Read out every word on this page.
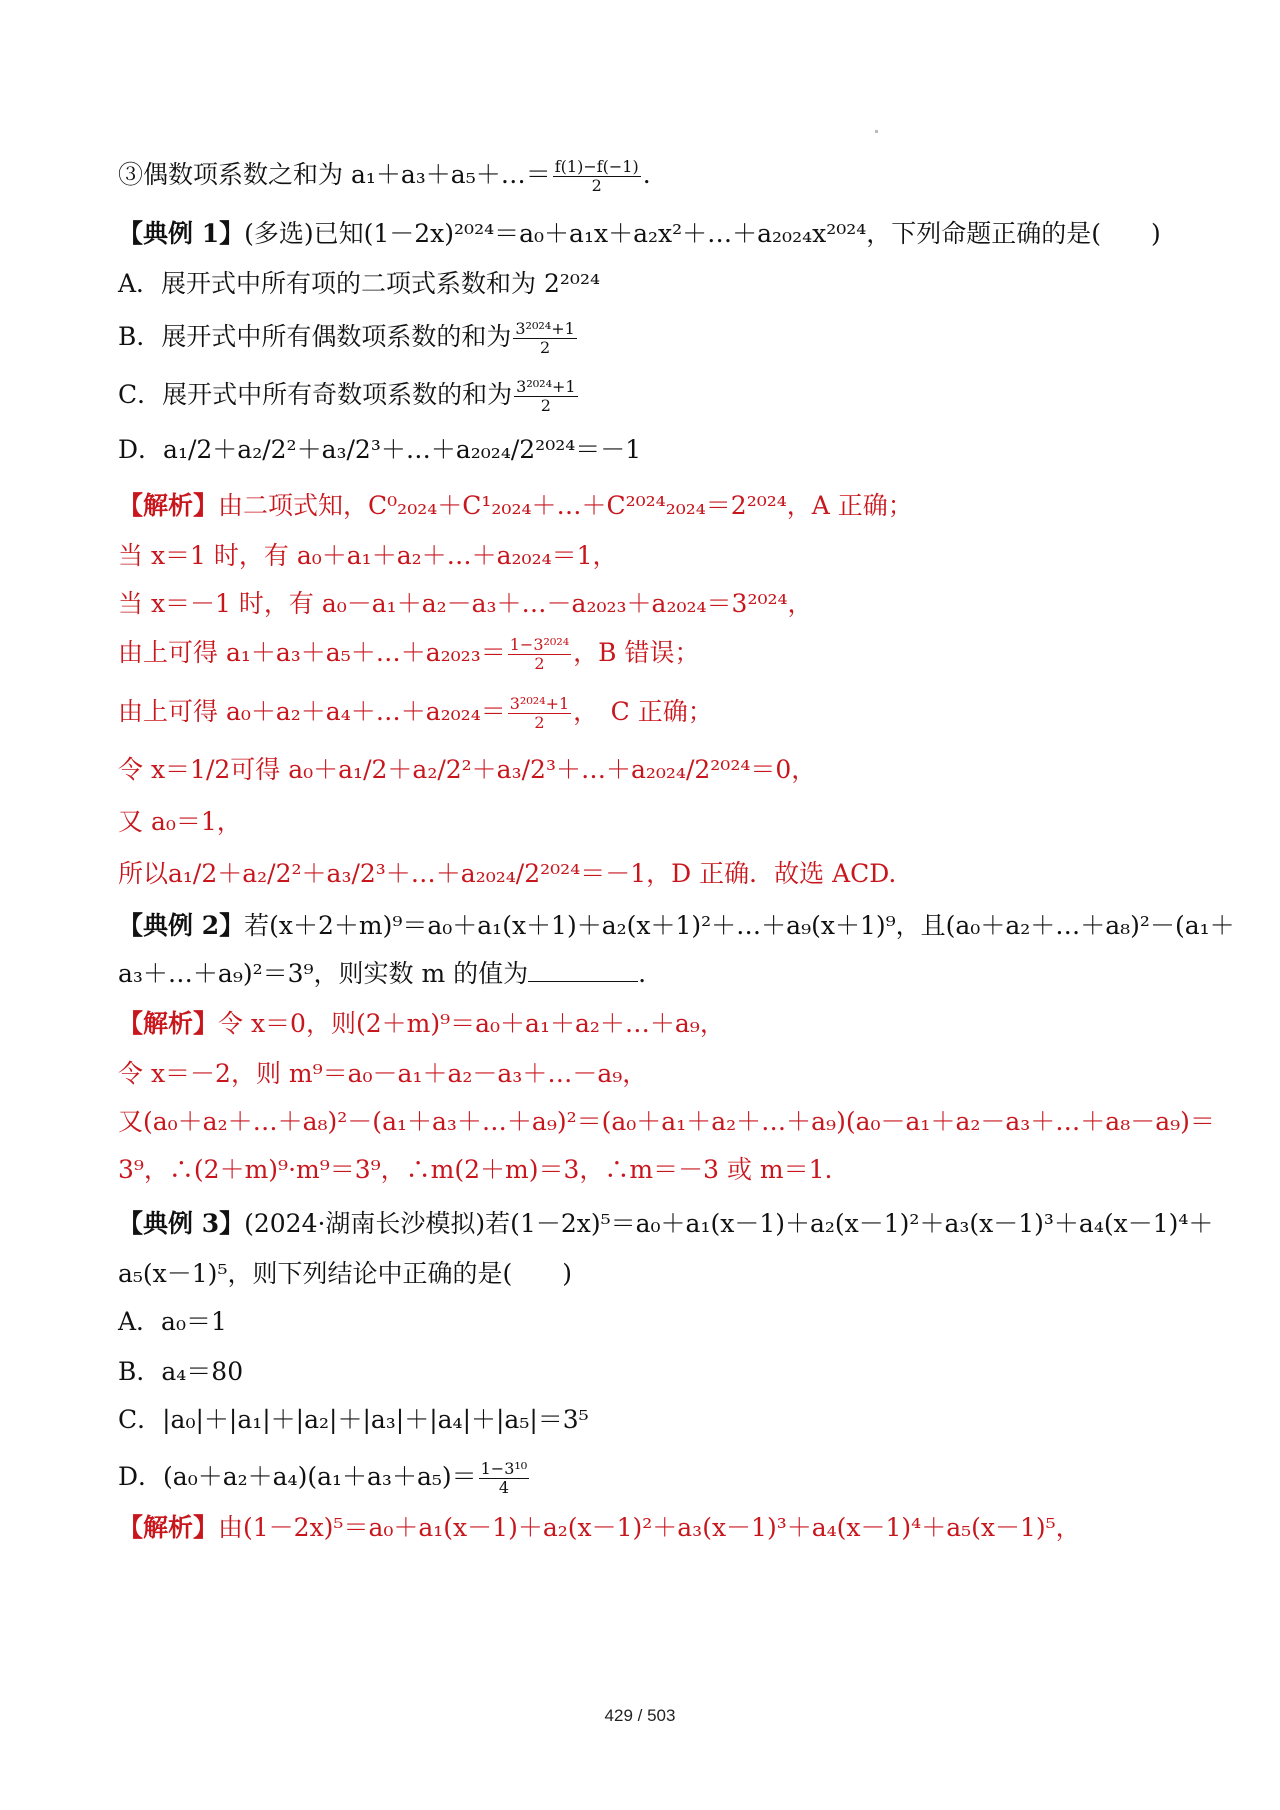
③偶数项系数之和为 a₁＋a₃＋a₅＋…＝ $\frac{f(1)-f(-1)}{2}$ .
【典例 1】(多选)已知(1－2x)²⁰²⁴＝a₀＋a₁x＋a₂x²＋…＋a₂₀₂₄x²⁰²⁴，下列命题正确的是(　　)
A．展开式中所有项的二项式系数和为 2²⁰²⁴
B．展开式中所有偶数项系数的和为 $\frac{\text{3²⁰²⁴+1}}{2}$
C．展开式中所有奇数项系数的和为 $\frac{\text{3²⁰²⁴+1}}{2}$
D．a₁/2＋a₂/2²＋a₃/2³＋…＋a₂₀₂₄/2²⁰²⁴＝－1
【解析】由二项式知，C⁰₂₀₂₄＋C¹₂₀₂₄＋…＋C²⁰²⁴₂₀₂₄＝2²⁰²⁴，A 正确；
当 x＝1 时，有 a₀＋a₁＋a₂＋…＋a₂₀₂₄＝1，
当 x＝－1 时，有 a₀－a₁＋a₂－a₃＋…－a₂₀₂₃＋a₂₀₂₄＝3²⁰²⁴，
由上可得 a₁＋a₃＋a₅＋…＋a₂₀₂₃＝ $\frac{\text{1−3²⁰²⁴}}{2}$ ，B 错误；
由上可得 a₀＋a₂＋a₄＋…＋a₂₀₂₄＝ $\frac{\text{3²⁰²⁴+1}}{2}$ ，　C 正确；
令 x＝1/2可得 a₀＋a₁/2＋a₂/2²＋a₃/2³＋…＋a₂₀₂₄/2²⁰²⁴＝0，
又 a₀＝1，
所以a₁/2＋a₂/2²＋a₃/2³＋…＋a₂₀₂₄/2²⁰²⁴＝－1，D 正确．故选 ACD.
【典例 2】若(x＋2＋m)⁹＝a₀＋a₁(x＋1)＋a₂(x＋1)²＋…＋a₉(x＋1)⁹，且(a₀＋a₂＋…＋a₈)²－(a₁＋
a₃＋…＋a₉)²＝3⁹，则实数 m 的值为	.
【解析】令 x＝0，则(2＋m)⁹＝a₀＋a₁＋a₂＋…＋a₉，
令 x＝－2，则 m⁹＝a₀－a₁＋a₂－a₃＋…－a₉，
又(a₀＋a₂＋…＋a₈)²－(a₁＋a₃＋…＋a₉)²＝(a₀＋a₁＋a₂＋…＋a₉)(a₀－a₁＋a₂－a₃＋…＋a₈－a₉)＝
3⁹，∴(2＋m)⁹·m⁹＝3⁹，∴m(2＋m)＝3，∴m＝－3 或 m＝1.
【典例 3】(2024·湖南长沙模拟)若(1－2x)⁵＝a₀＋a₁(x－1)＋a₂(x－1)²＋a₃(x－1)³＋a₄(x－1)⁴＋
a₅(x－1)⁵，则下列结论中正确的是(　　)
A．a₀＝1
B．a₄＝80
C．|a₀|＋|a₁|＋|a₂|＋|a₃|＋|a₄|＋|a₅|＝3⁵
D．$(a_0+a_2+a_4)(a_1+a_3+a_5)= \frac{\text{1−3¹⁰}}{4}$
【解析】由(1－2x)⁵＝a₀＋a₁(x－1)＋a₂(x－1)²＋a₃(x－1)³＋a₄(x－1)⁴＋a₅(x－1)⁵，
429 / 503
